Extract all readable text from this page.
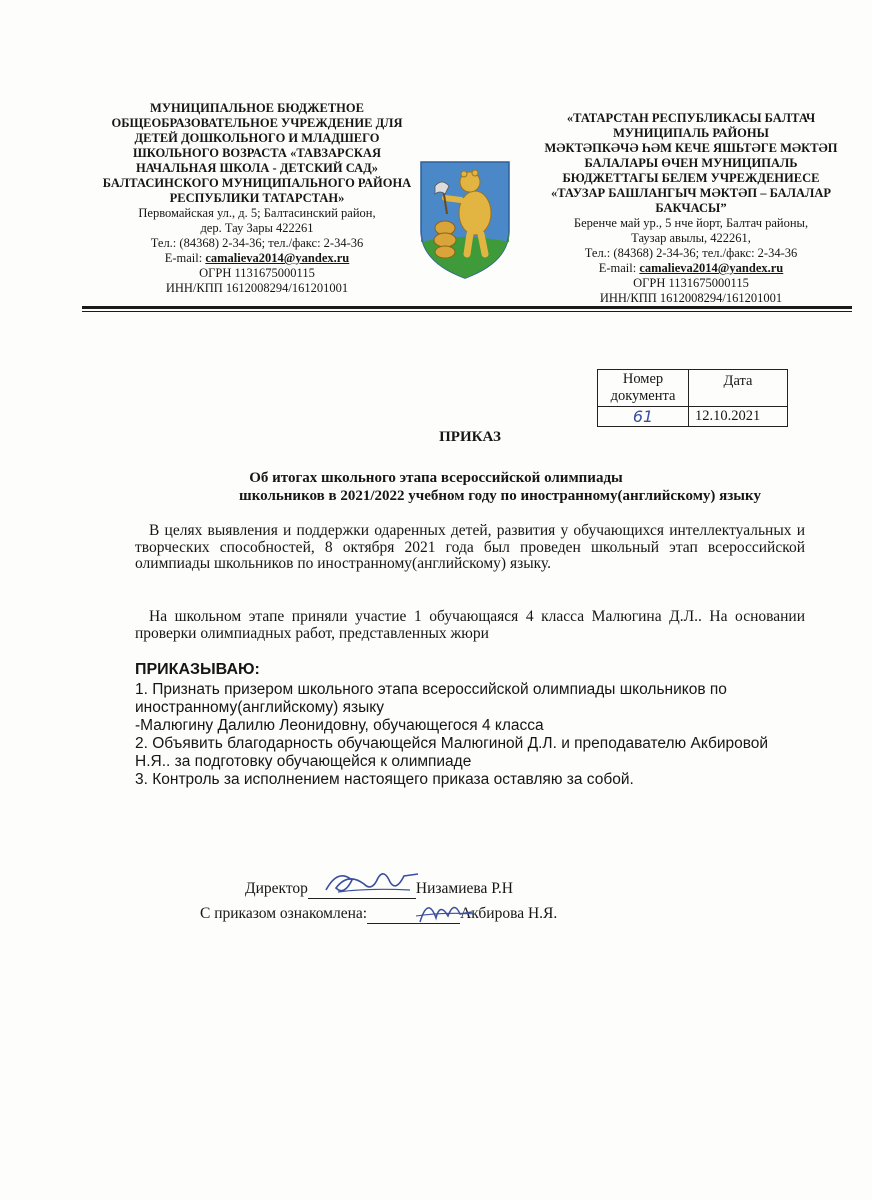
МУНИЦИПАЛЬНОЕ БЮДЖЕТНОЕ
ОБЩЕОБРАЗОВАТЕЛЬНОЕ УЧРЕЖДЕНИЕ ДЛЯ
ДЕТЕЙ ДОШКОЛЬНОГО И МЛАДШЕГО
ШКОЛЬНОГО ВОЗРАСТА «ТАВЗАРСКАЯ
НАЧАЛЬНАЯ ШКОЛА - ДЕТСКИЙ САД»
БАЛТАСИНСКОГО МУНИЦИПАЛЬНОГО РАЙОНА
РЕСПУБЛИКИ ТАТАРСТАН»
Первомайская ул., д. 5; Балтасинский район,
дер. Тау Зары 422261
Тел.: (84368) 2-34-36; тел./факс: 2-34-36
E-mail: camalieva2014@yandex.ru
ОГРН 1131675000115
ИНН/КПП 1612008294/161201001
«ТАТАРСТАН РЕСПУБЛИКАСЫ БАЛТАЧ
МУНИЦИПАЛЬ РАЙОНЫ
МӘКТӘПКӘЧӘ ҺӘМ КЕЧЕ ЯШЬТӘГЕ МӘКТӘП
БАЛАЛАРЫ ӨЧЕН МУНИЦИПАЛЬ
БЮДЖЕТТАГЫ БЕЛЕМ УЧРЕЖДЕНИЕСЕ
«ТАУЗАР БАШЛАНГЫЧ МӘКТӘП – БАЛАЛАР
БАКЧАСЫ”
Беренче май ур., 5 нче йорт, Балтач районы,
Таузар авылы, 422261,
Тел.: (84368) 2-34-36; тел./факс: 2-34-36
E-mail: camalieva2014@yandex.ru
ОГРН 1131675000115
ИНН/КПП 1612008294/161201001
Номер
документа	Дата
61	12.10.2021
ПРИКАЗ
Об итогах школьного этапа всероссийской олимпиады
школьников в 2021/2022 учебном году по иностранному(английскому) языку
В целях выявления и поддержки одаренных детей, развития у обучающихся интеллектуальных и творческих способностей, 8 октября 2021 года был проведен школьный этап всероссийской олимпиады школьников по иностранному(английскому) языку.
На школьном этапе приняли участие 1 обучающаяся 4 класса Малюгина Д.Л.. На основании проверки олимпиадных работ, представленных жюри
ПРИКАЗЫВАЮ:
1. Признать призером школьного этапа всероссийской олимпиады школьников по
иностранному(английскому) языку
-Малюгину Далилю Леонидовну, обучающегося 4 класса
2. Объявить благодарность обучающейся Малюгиной Д.Л. и преподавателю Акбировой
Н.Я.. за подготовку обучающейся к олимпиаде
3. Контроль за исполнением настоящего приказа оставляю за собой.
Директор	Низамиева Р.Н
С приказом ознакомлена:	Акбирова Н.Я.
